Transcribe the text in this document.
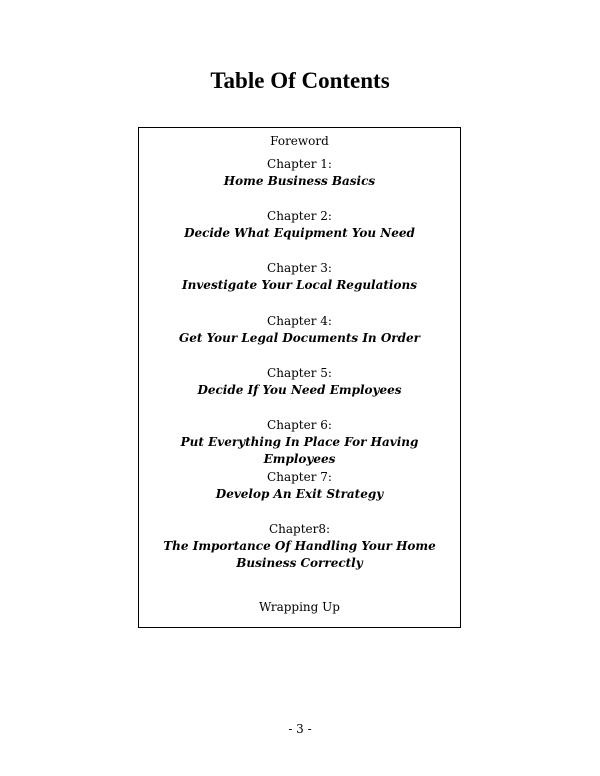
Table Of Contents
Foreword
Chapter 1:
Home Business Basics
Chapter 2:
Decide What Equipment You Need
Chapter 3:
Investigate Your Local Regulations
Chapter 4:
Get Your Legal Documents In Order
Chapter 5:
Decide If You Need Employees
Chapter 6:
Put Everything In Place For Having Employees
Chapter 7:
Develop An Exit Strategy
Chapter8:
The Importance Of Handling Your Home Business Correctly
Wrapping Up
- 3 -
